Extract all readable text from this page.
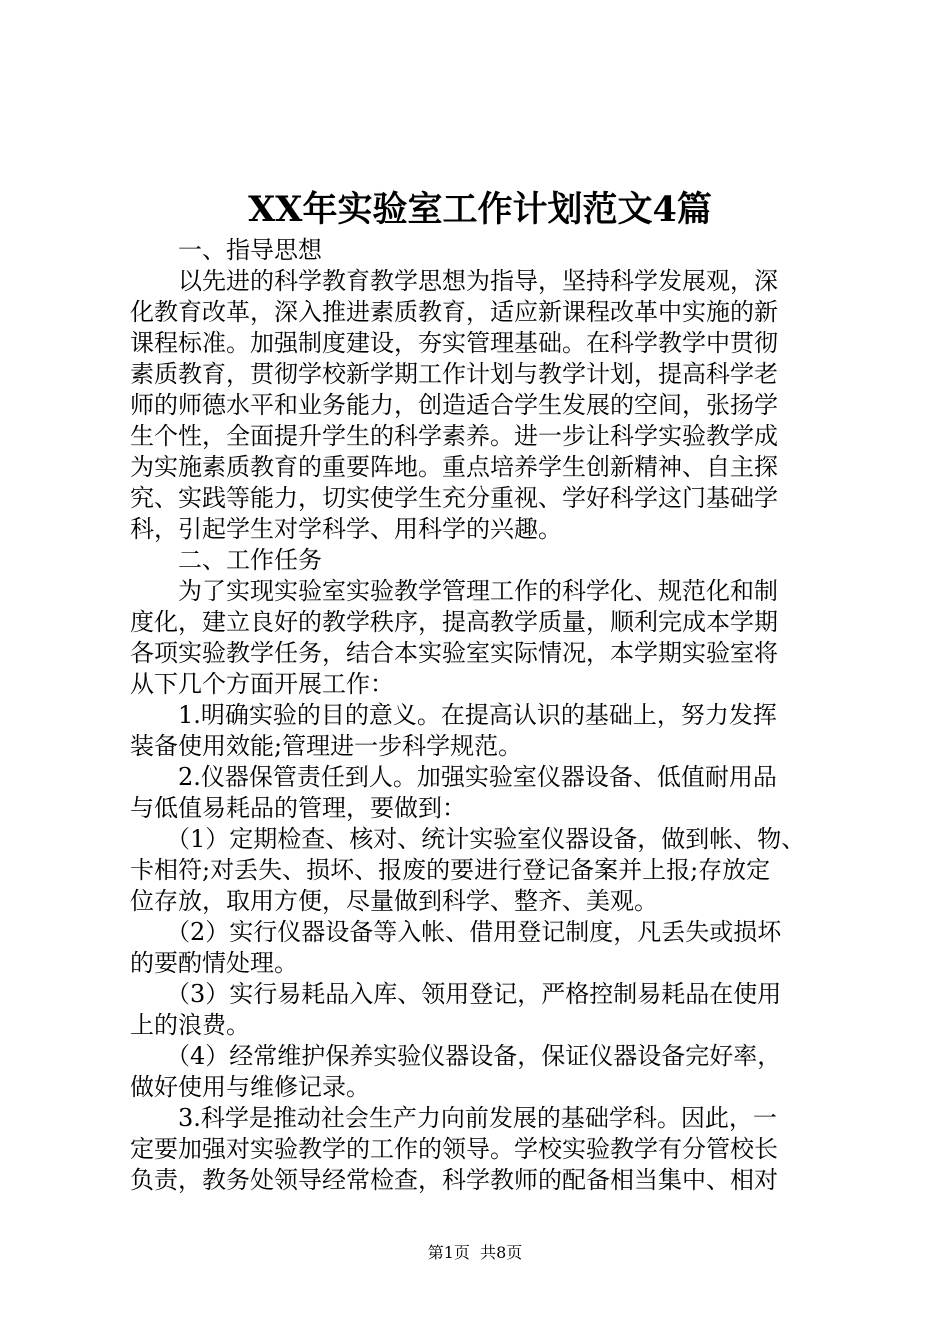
XX年实验室工作计划范文4篇
　　一、指导思想
　　以先进的科学教育教学思想为指导，坚持科学发展观，深
化教育改革，深入推进素质教育，适应新课程改革中实施的新
课程标准。加强制度建设，夯实管理基础。在科学教学中贯彻
素质教育，贯彻学校新学期工作计划与教学计划，提高科学老
师的师德水平和业务能力，创造适合学生发展的空间，张扬学
生个性，全面提升学生的科学素养。进一步让科学实验教学成
为实施素质教育的重要阵地。重点培养学生创新精神、自主探
究、实践等能力，切实使学生充分重视、学好科学这门基础学
科，引起学生对学科学、用科学的兴趣。
　　二、工作任务
　　为了实现实验室实验教学管理工作的科学化、规范化和制
度化，建立良好的教学秩序，提高教学质量，顺利完成本学期
各项实验教学任务，结合本实验室实际情况，本学期实验室将
从下几个方面开展工作：
　　1.明确实验的目的意义。在提高认识的基础上，努力发挥
装备使用效能;管理进一步科学规范。
　　2.仪器保管责任到人。加强实验室仪器设备、低值耐用品
与低值易耗品的管理，要做到：
　　（1）定期检查、核对、统计实验室仪器设备，做到帐、物、
卡相符;对丢失、损坏、报废的要进行登记备案并上报;存放定
位存放，取用方便，尽量做到科学、整齐、美观。
　　（2）实行仪器设备等入帐、借用登记制度，凡丢失或损坏
的要酌情处理。
　　（3）实行易耗品入库、领用登记，严格控制易耗品在使用
上的浪费。
　　（4）经常维护保养实验仪器设备，保证仪器设备完好率，
做好使用与维修记录。
　　3.科学是推动社会生产力向前发展的基础学科。因此，一
定要加强对实验教学的工作的领导。学校实验教学有分管校长
负责，教务处领导经常检查，科学教师的配备相当集中、相对
第1页  共8页
